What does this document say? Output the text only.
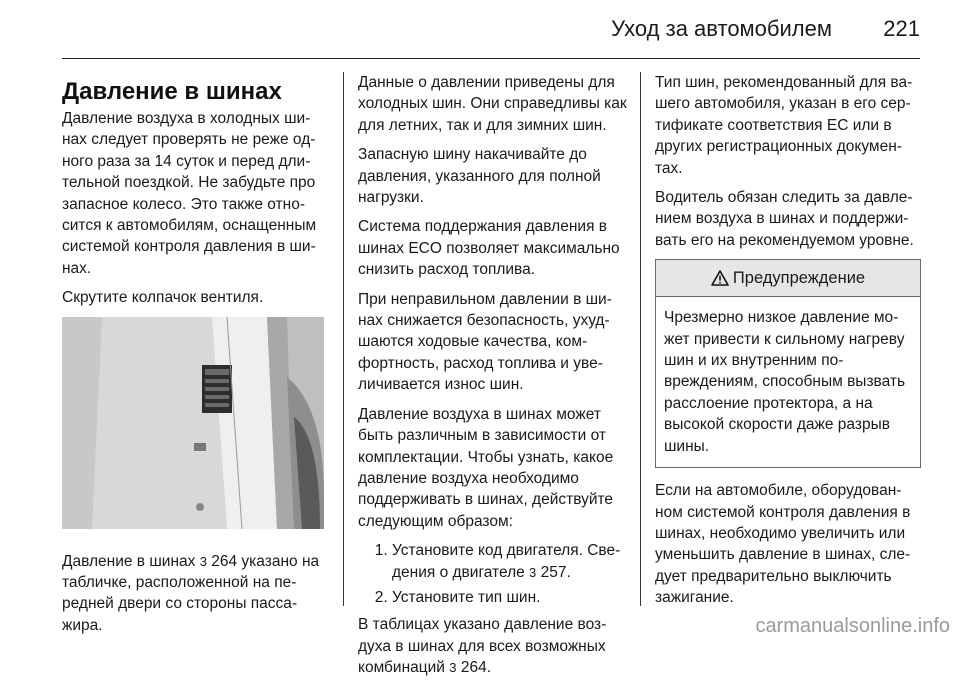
Уход за автомобилем 221
Давление в шинах

Давление воздуха в холодных шинах следует проверять не реже одного раза за 14 суток и перед длительной поездкой. Не забудьте про запасное колесо. Это также относится к автомобилям, оснащенным системой контроля давления в шинах.

Скрутите колпачок вентиля.

Давление в шинах 3 264 указано на табличке, расположенной на передней двери со стороны пассажира.

Данные о давлении приведены для холодных шин. Они справедливы как для летних, так и для зимних шин.

Запасную шину накачивайте до давления, указанного для полной нагрузки.

Система поддержания давления в шинах ECO позволяет максимально снизить расход топлива.

При неправильном давлении в шинах снижается безопасность, ухудшаются ходовые качества, комфортность, расход топлива и увеличивается износ шин.

Давление воздуха в шинах может быть различным в зависимости от комплектации. Чтобы узнать, какое давление воздуха необходимо поддерживать в шинах, действуйте следующим образом:

1. Установите код двигателя. Сведения о двигателе 3 257.
2. Установите тип шин.

В таблицах указано давление воздуха в шинах для всех возможных комбинаций 3 264.

Тип шин, рекомендованный для вашего автомобиля, указан в его сертификате соответствия ЕС или в других регистрационных документах.

Водитель обязан следить за давлением воздуха в шинах и поддерживать его на рекомендуемом уровне.

Предупреждение
Чрезмерно низкое давление может привести к сильному нагреву шин и их внутренним повреждениям, способным вызвать расслоение протектора, а на высокой скорости даже разрыв шины.

Если на автомобиле, оборудованном системой контроля давления в шинах, необходимо увеличить или уменьшить давление в шинах, следует предварительно выключить зажигание.

carmanualsonline.info
